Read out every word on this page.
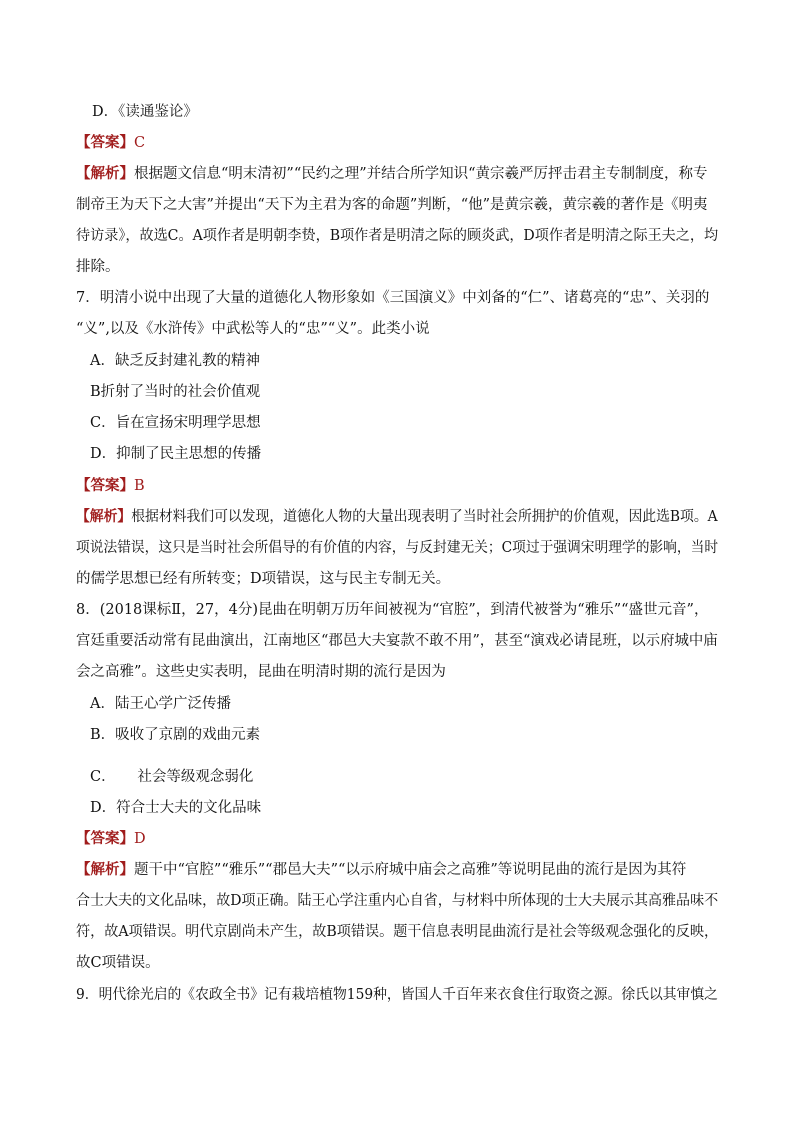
D．《读通鉴论》
【答案】C
【解析】根据题文信息“明末清初”“民约之理”并结合所学知识“黄宗羲严厉抨击君主专制制度，称专
制帝王为天下之大害”并提出“天下为主君为客的命题”判断，“他”是黄宗羲，黄宗羲的著作是《明夷
待访录》，故选C。A项作者是明朝李贽，B项作者是明清之际的顾炎武，D项作者是明清之际王夫之，均
排除。
7．明清小说中出现了大量的道德化人物形象如《三国演义》中刘备的“仁”、诸葛亮的“忠”、关羽的
“义”,以及《水浒传》中武松等人的“忠”“义”。此类小说
A．缺乏反封建礼教的精神
B折射了当时的社会价值观
C．旨在宣扬宋明理学思想
D．抑制了民主思想的传播
【答案】B
【解析】根据材料我们可以发现，道德化人物的大量出现表明了当时社会所拥护的价值观，因此选B项。A
项说法错误，这只是当时社会所倡导的有价值的内容，与反封建无关；C项过于强调宋明理学的影响，当时
的儒学思想已经有所转变；D项错误，这与民主专制无关。
8．(2018课标Ⅱ，27，4分)昆曲在明朝万历年间被视为“官腔”，到清代被誉为“雅乐”“盛世元音”，
宫廷重要活动常有昆曲演出，江南地区“郡邑大夫宴款不敢不用”，甚至“演戏必请昆班，以示府城中庙
会之高雅”。这些史实表明，昆曲在明清时期的流行是因为
A．陆王心学广泛传播
B．吸收了京剧的戏曲元素
C．　　社会等级观念弱化
D．符合士大夫的文化品味
【答案】D
【解析】题干中“官腔”“雅乐”“郡邑大夫”“以示府城中庙会之高雅”等说明昆曲的流行是因为其符
合士大夫的文化品味，故D项正确。陆王心学注重内心自省，与材料中所体现的士大夫展示其高雅品味不
符，故A项错误。明代京剧尚未产生，故B项错误。题干信息表明昆曲流行是社会等级观念强化的反映，
故C项错误。
9．明代徐光启的《农政全书》记有栽培植物159种，皆国人千百年来衣食住行取资之源。徐氏以其审慎之
